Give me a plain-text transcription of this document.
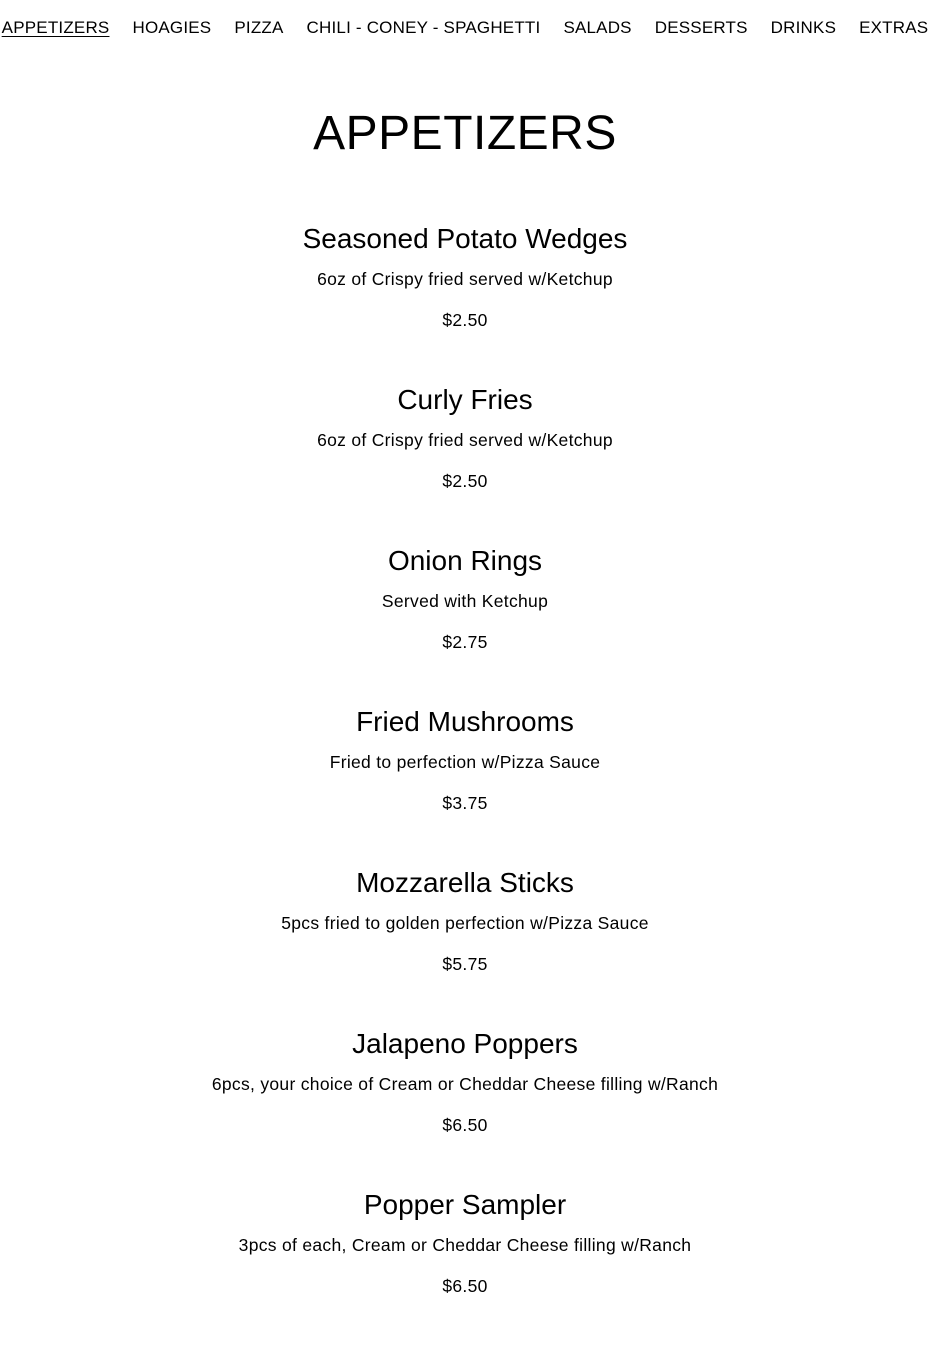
APPETIZERS HOAGIES PIZZA CHILI - CONEY - SPAGHETTI SALADS DESSERTS DRINKS EXTRAS
APPETIZERS
Seasoned Potato Wedges
6oz of Crispy fried served w/Ketchup
$2.50
Curly Fries
6oz of Crispy fried served w/Ketchup
$2.50
Onion Rings
Served with Ketchup
$2.75
Fried Mushrooms
Fried to perfection w/Pizza Sauce
$3.75
Mozzarella Sticks
5pcs fried to golden perfection w/Pizza Sauce
$5.75
Jalapeno Poppers
6pcs, your choice of Cream or Cheddar Cheese filling w/Ranch
$6.50
Popper Sampler
3pcs of each, Cream or Cheddar Cheese filling w/Ranch
$6.50
